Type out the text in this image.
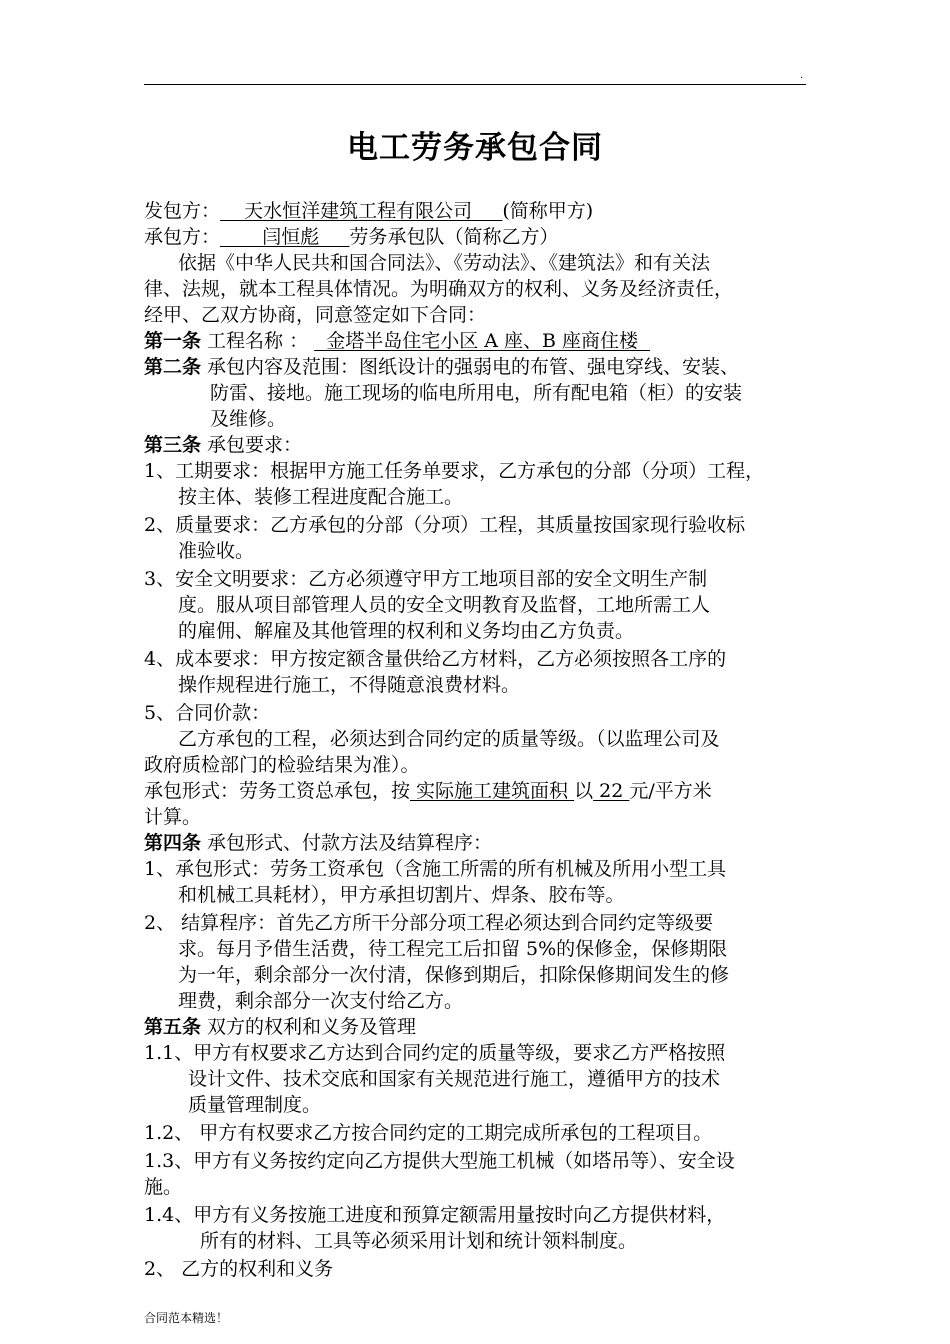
.
电工劳务承包合同
发包方：    天水恒洋建筑工程有限公司     (简称甲方)
承包方：       闫恒彪     劳务承包队（简称乙方）
依据《中华人民共和国合同法》、《劳动法》、《建筑法》和有关法
律、法规，就本工程具体情况。为明确双方的权利、义务及经济责任，
经甲、乙双方协商，同意签定如下合同：
第一条 工程名称 ：   金塔半岛住宅小区 A 座、B 座商住楼
第二条 承包内容及范围：图纸设计的强弱电的布管、强电穿线、安装、
防雷、接地。施工现场的临电所用电，所有配电箱（柜）的安装
及维修。
第三条 承包要求：
1、工期要求：根据甲方施工任务单要求，乙方承包的分部（分项）工程，
按主体、装修工程进度配合施工。
2、质量要求：乙方承包的分部（分项）工程，其质量按国家现行验收标
准验收。
3、安全文明要求：乙方必须遵守甲方工地项目部的安全文明生产制
度。服从项目部管理人员的安全文明教育及监督，工地所需工人
的雇佣、解雇及其他管理的权利和义务均由乙方负责。
4、成本要求：甲方按定额含量供给乙方材料，乙方必须按照各工序的
操作规程进行施工，不得随意浪费材料。
5、合同价款：
乙方承包的工程，必须达到合同约定的质量等级。（以监理公司及
政府质检部门的检验结果为准）。
承包形式：劳务工资总承包，按 实际施工建筑面积 以 22 元/平方米
计算。
第四条 承包形式、付款方法及结算程序：
1、承包形式：劳务工资承包（含施工所需的所有机械及所用小型工具
和机械工具耗材），甲方承担切割片、焊条、胶布等。
2、 结算程序：首先乙方所干分部分项工程必须达到合同约定等级要
求。每月予借生活费，待工程完工后扣留 5%的保修金，保修期限
为一年，剩余部分一次付清，保修到期后，扣除保修期间发生的修
理费，剩余部分一次支付给乙方。
第五条 双方的权利和义务及管理
1.1、甲方有权要求乙方达到合同约定的质量等级，要求乙方严格按照
设计文件、技术交底和国家有关规范进行施工，遵循甲方的技术
质量管理制度。
1.2、 甲方有权要求乙方按合同约定的工期完成所承包的工程项目。
1.3、甲方有义务按约定向乙方提供大型施工机械（如塔吊等）、安全设
施。
1.4、甲方有义务按施工进度和预算定额需用量按时向乙方提供材料，
所有的材料、工具等必须采用计划和统计领料制度。
2、 乙方的权利和义务
合同范本精选！
